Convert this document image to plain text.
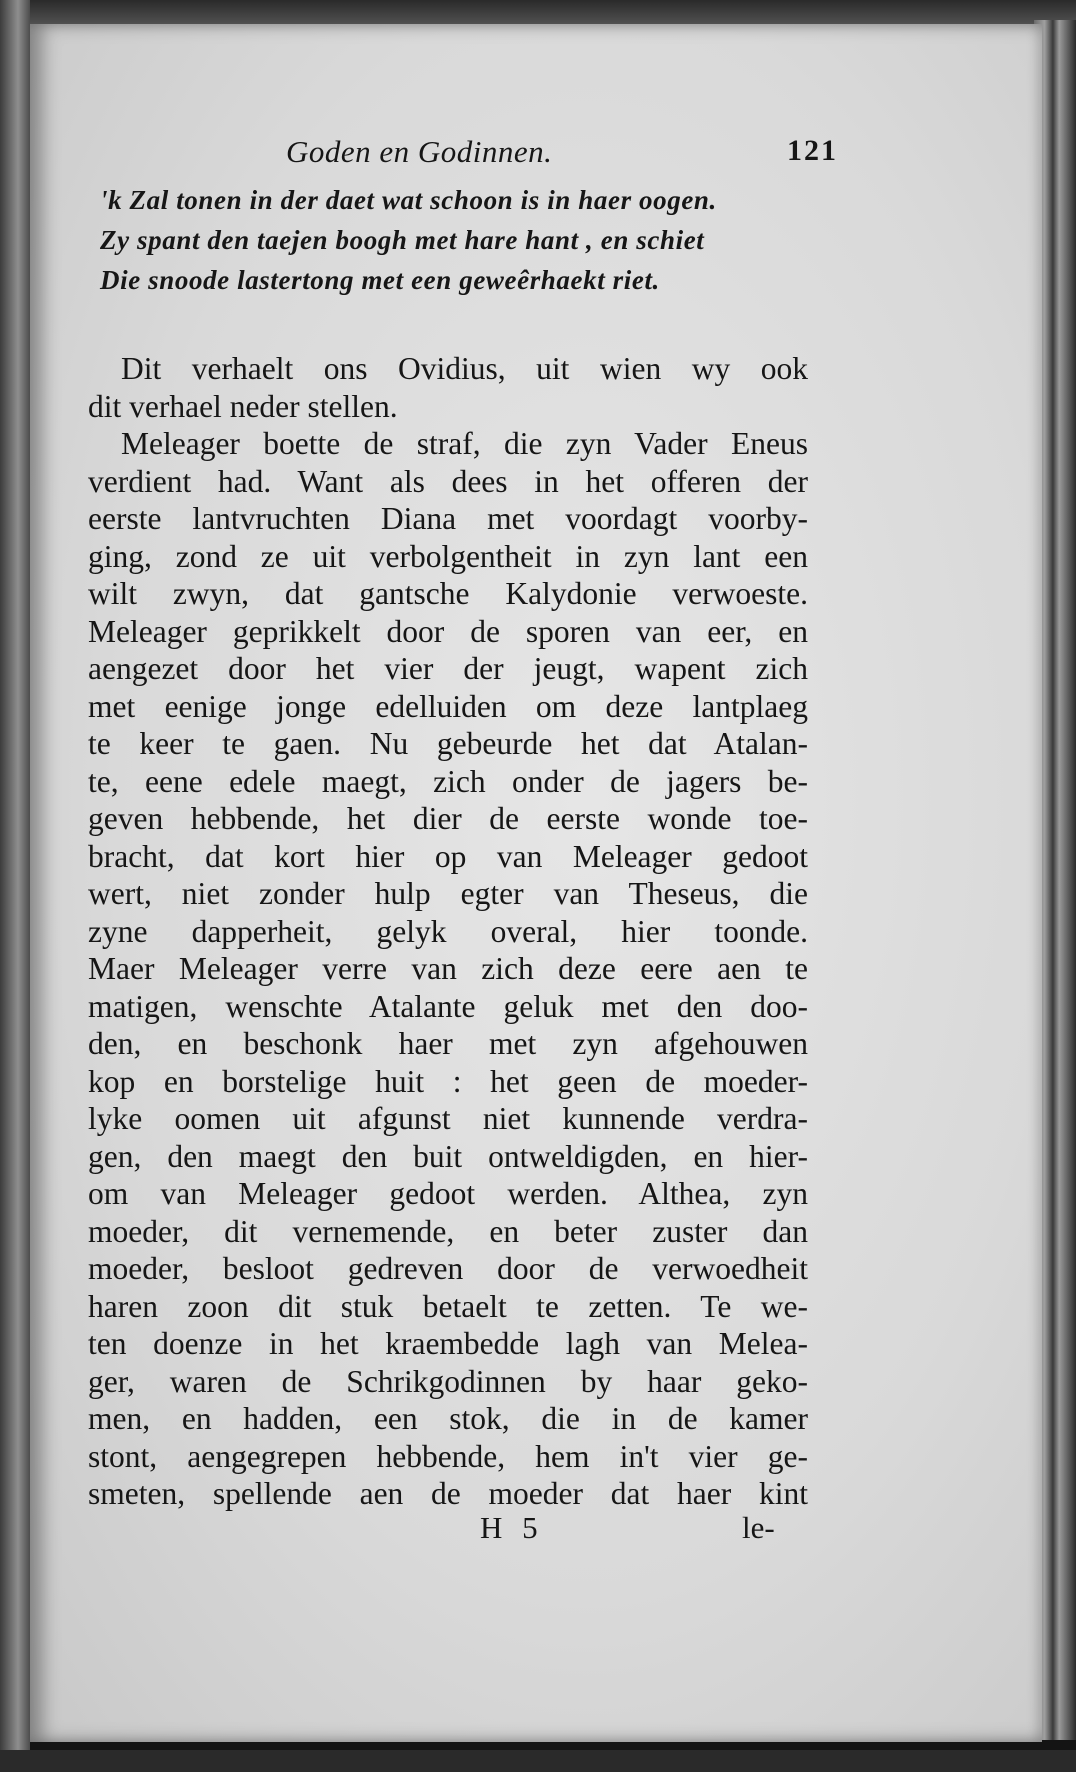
Goden en Godinnen.	121
'k Zal tonen in der daet wat schoon is in haer oogen.
Zy spant den taejen boogh met hare hant , en schiet
Die snoode lastertong met een geweêrhaekt riet.
Dit verhaelt ons Ovidius, uit wien wy ook
dit verhael neder stellen.
Meleager boette de straf, die zyn Vader Eneus
verdient had. Want als dees in het offeren der
eerste lantvruchten Diana met voordagt voorby-
ging, zond ze uit verbolgentheit in zyn lant een
wilt zwyn, dat gantsche Kalydonie verwoeste.
Meleager geprikkelt door de sporen van eer, en
aengezet door het vier der jeugt, wapent zich
met eenige jonge edelluiden om deze lantplaeg
te keer te gaen. Nu gebeurde het dat Atalan-
te, eene edele maegt, zich onder de jagers be-
geven hebbende, het dier de eerste wonde toe-
bracht, dat kort hier op van Meleager gedoot
wert, niet zonder hulp egter van Theseus, die
zyne dapperheit, gelyk overal, hier toonde.
Maer Meleager verre van zich deze eere aen te
matigen, wenschte Atalante geluk met den doo-
den, en beschonk haer met zyn afgehouwen
kop en borstelige huit : het geen de moeder-
lyke oomen uit afgunst niet kunnende verdra-
gen, den maegt den buit ontweldigden, en hier-
om van Meleager gedoot werden. Althea, zyn
moeder, dit vernemende, en beter zuster dan
moeder, besloot gedreven door de verwoedheit
haren zoon dit stuk betaelt te zetten. Te we-
ten doenze in het kraembedde lagh van Melea-
ger, waren de Schrikgodinnen by haar geko-
men, en hadden, een stok, die in de kamer
stont, aengegrepen hebbende, hem in't vier ge-
smeten, spellende aen de moeder dat haer kint
H 5	le-
